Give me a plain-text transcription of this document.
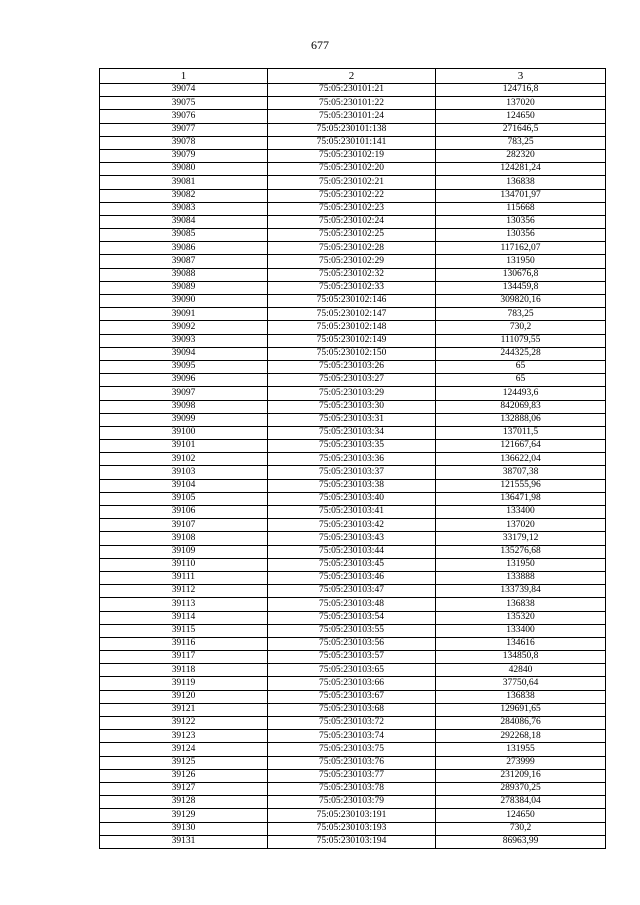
677
1	2	3
39074	75:05:230101:21	124716,8
39075	75:05:230101:22	137020
39076	75:05:230101:24	124650
39077	75:05:230101:138	271646,5
39078	75:05:230101:141	783,25
39079	75:05:230102:19	282320
39080	75:05:230102:20	124281,24
39081	75:05:230102:21	136838
39082	75:05:230102:22	134701,97
39083	75:05:230102:23	115668
39084	75:05:230102:24	130356
39085	75:05:230102:25	130356
39086	75:05:230102:28	117162,07
39087	75:05:230102:29	131950
39088	75:05:230102:32	130676,8
39089	75:05:230102:33	134459,8
39090	75:05:230102:146	309820,16
39091	75:05:230102:147	783,25
39092	75:05:230102:148	730,2
39093	75:05:230102:149	111079,55
39094	75:05:230102:150	244325,28
39095	75:05:230103:26	65
39096	75:05:230103:27	65
39097	75:05:230103:29	124493,6
39098	75:05:230103:30	842069,83
39099	75:05:230103:31	132888,06
39100	75:05:230103:34	137011,5
39101	75:05:230103:35	121667,64
39102	75:05:230103:36	136622,04
39103	75:05:230103:37	38707,38
39104	75:05:230103:38	121555,96
39105	75:05:230103:40	136471,98
39106	75:05:230103:41	133400
39107	75:05:230103:42	137020
39108	75:05:230103:43	33179,12
39109	75:05:230103:44	135276,68
39110	75:05:230103:45	131950
39111	75:05:230103:46	133888
39112	75:05:230103:47	133739,84
39113	75:05:230103:48	136838
39114	75:05:230103:54	135320
39115	75:05:230103:55	133400
39116	75:05:230103:56	134616
39117	75:05:230103:57	134850,8
39118	75:05:230103:65	42840
39119	75:05:230103:66	37750,64
39120	75:05:230103:67	136838
39121	75:05:230103:68	129691,65
39122	75:05:230103:72	284086,76
39123	75:05:230103:74	292268,18
39124	75:05:230103:75	131955
39125	75:05:230103:76	273999
39126	75:05:230103:77	231209,16
39127	75:05:230103:78	289370,25
39128	75:05:230103:79	278384,04
39129	75:05:230103:191	124650
39130	75:05:230103:193	730,2
39131	75:05:230103:194	86963,99
